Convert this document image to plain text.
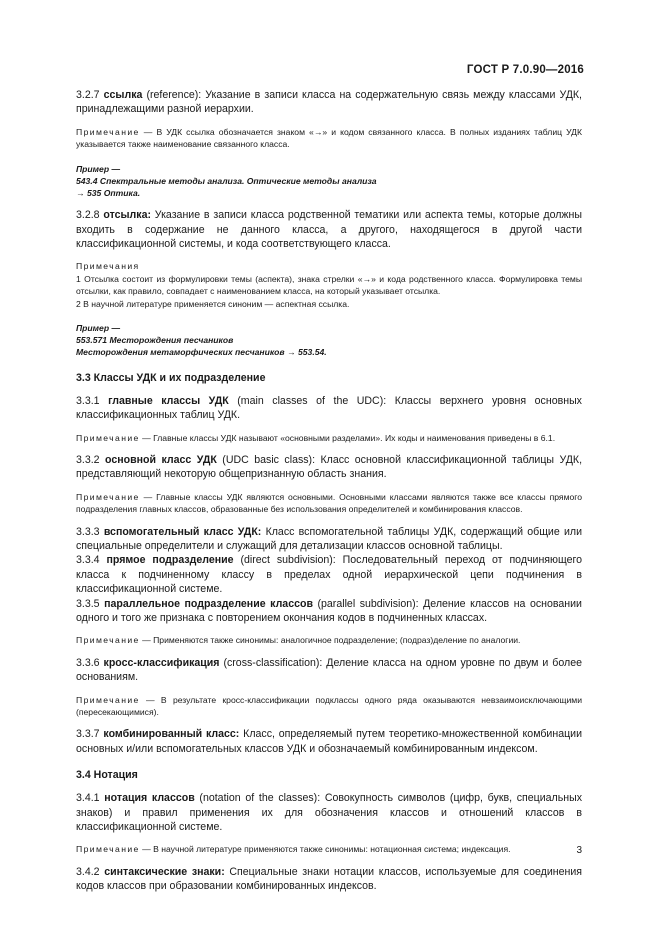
ГОСТ Р 7.0.90—2016

3.2.7 ссылка (reference): Указание в записи класса на содержательную связь между классами УДК, принадлежащими разной иерархии.

Примечание — В УДК ссылка обозначается знаком «→» и кодом связанного класса. В полных изданиях таблиц УДК указывается также наименование связанного класса.

Пример —

543.4 Спектральные методы анализа. Оптические методы анализа

→ 535 Оптика.

3.2.8 отсылка: Указание в записи класса родственной тематики или аспекта темы, которые должны входить в содержание не данного класса, а другого, находящегося в другой части классификационной системы, и кода соответствующего класса.

Примечания

1 Отсылка состоит из формулировки темы (аспекта), знака стрелки «→» и кода родственного класса. Формулировка темы отсылки, как правило, совпадает с наименованием класса, на который указывает отсылка.

2 В научной литературе применяется синоним — аспектная ссылка.

Пример —

553.571 Месторождения песчаников

Месторождения метаморфических песчаников → 553.54.

3.3 Классы УДК и их подразделение

3.3.1 главные классы УДК (main classes of the UDC): Классы верхнего уровня основных классификационных таблиц УДК.

Примечание — Главные классы УДК называют «основными разделами». Их коды и наименования приведены в 6.1.

3.3.2 основной класс УДК (UDC basic class): Класс основной классификационной таблицы УДК, представляющий некоторую общепризнанную область знания.

Примечание — Главные классы УДК являются основными. Основными классами являются также все классы прямого подразделения главных классов, образованные без использования определителей и комбинирования классов.

3.3.3 вспомогательный класс УДК: Класс вспомогательной таблицы УДК, содержащий общие или специальные определители и служащий для детализации классов основной таблицы.

3.3.4 прямое подразделение (direct subdivision): Последовательный переход от подчиняющего класса к подчиненному классу в пределах одной иерархической цепи подчинения в классификационной системе.

3.3.5 параллельное подразделение классов (parallel subdivision): Деление классов на основании одного и того же признака с повторением окончания кодов в подчиненных классах.

Примечание — Применяются также синонимы: аналогичное подразделение; (подраз)деление по аналогии.

3.3.6 кросс-классификация (cross-classification): Деление класса на одном уровне по двум и более основаниям.

Примечание — В результате кросс-классификации подклассы одного ряда оказываются невзаимоисключающими (пересекающимися).

3.3.7 комбинированный класс: Класс, определяемый путем теоретико-множественной комбинации основных и/или вспомогательных классов УДК и обозначаемый комбинированным индексом.

3.4 Нотация

3.4.1 нотация классов (notation of the classes): Совокупность символов (цифр, букв, специальных знаков) и правил применения их для обозначения классов и отношений классов в классификационной системе.

Примечание — В научной литературе применяются также синонимы: нотационная система; индексация.

3.4.2 синтаксические знаки: Специальные знаки нотации классов, используемые для соединения кодов классов при образовании комбинированных индексов.

3
